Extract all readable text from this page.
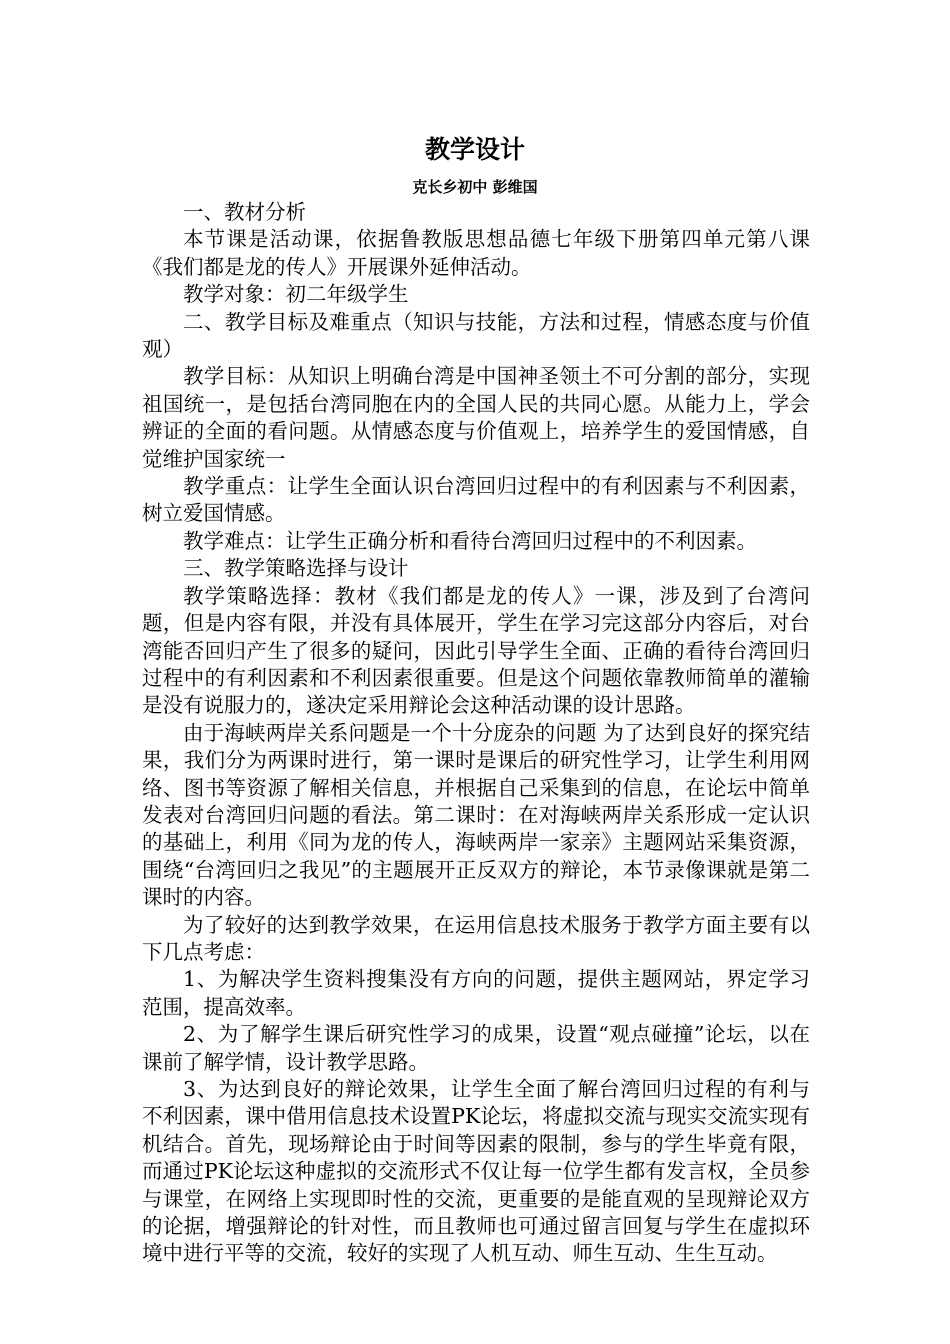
教学设计
克长乡初中 彭维国

一、教材分析

本节课是活动课，依据鲁教版思想品德七年级下册第四单元第八课《我们都是龙的传人》开展课外延伸活动。

教学对象：初二年级学生

二、教学目标及难重点（知识与技能，方法和过程，情感态度与价值观）

教学目标：从知识上明确台湾是中国神圣领土不可分割的部分，实现祖国统一，是包括台湾同胞在内的全国人民的共同心愿。从能力上，学会辨证的全面的看问题。从情感态度与价值观上，培养学生的爱国情感，自觉维护国家统一

教学重点：让学生全面认识台湾回归过程中的有利因素与不利因素，树立爱国情感。

教学难点：让学生正确分析和看待台湾回归过程中的不利因素。

三、教学策略选择与设计

教学策略选择：教材《我们都是龙的传人》一课，涉及到了台湾问题，但是内容有限，并没有具体展开，学生在学习完这部分内容后，对台湾能否回归产生了很多的疑问，因此引导学生全面、正确的看待台湾回归过程中的有利因素和不利因素很重要。但是这个问题依靠教师简单的灌输是没有说服力的，遂决定采用辩论会这种活动课的设计思路。

由于海峡两岸关系问题是一个十分庞杂的问题 为了达到良好的探究结果，我们分为两课时进行，第一课时是课后的研究性学习，让学生利用网络、图书等资源了解相关信息，并根据自己采集到的信息，在论坛中简单发表对台湾回归问题的看法。第二课时：在对海峡两岸关系形成一定认识的基础上，利用《同为龙的传人，海峡两岸一家亲》主题网站采集资源，围绕“台湾回归之我见”的主题展开正反双方的辩论，本节录像课就是第二课时的内容。

为了较好的达到教学效果，在运用信息技术服务于教学方面主要有以下几点考虑：

1、为解决学生资料搜集没有方向的问题，提供主题网站，界定学习范围，提高效率。

2、为了解学生课后研究性学习的成果，设置“观点碰撞”论坛，以在课前了解学情，设计教学思路。

3、为达到良好的辩论效果，让学生全面了解台湾回归过程的有利与不利因素，课中借用信息技术设置PK论坛，将虚拟交流与现实交流实现有机结合。首先，现场辩论由于时间等因素的限制，参与的学生毕竟有限，而通过PK论坛这种虚拟的交流形式不仅让每一位学生都有发言权，全员参与课堂，在网络上实现即时性的交流，更重要的是能直观的呈现辩论双方的论据，增强辩论的针对性，而且教师也可通过留言回复与学生在虚拟环境中进行平等的交流，较好的实现了人机互动、师生互动、生生互动。
